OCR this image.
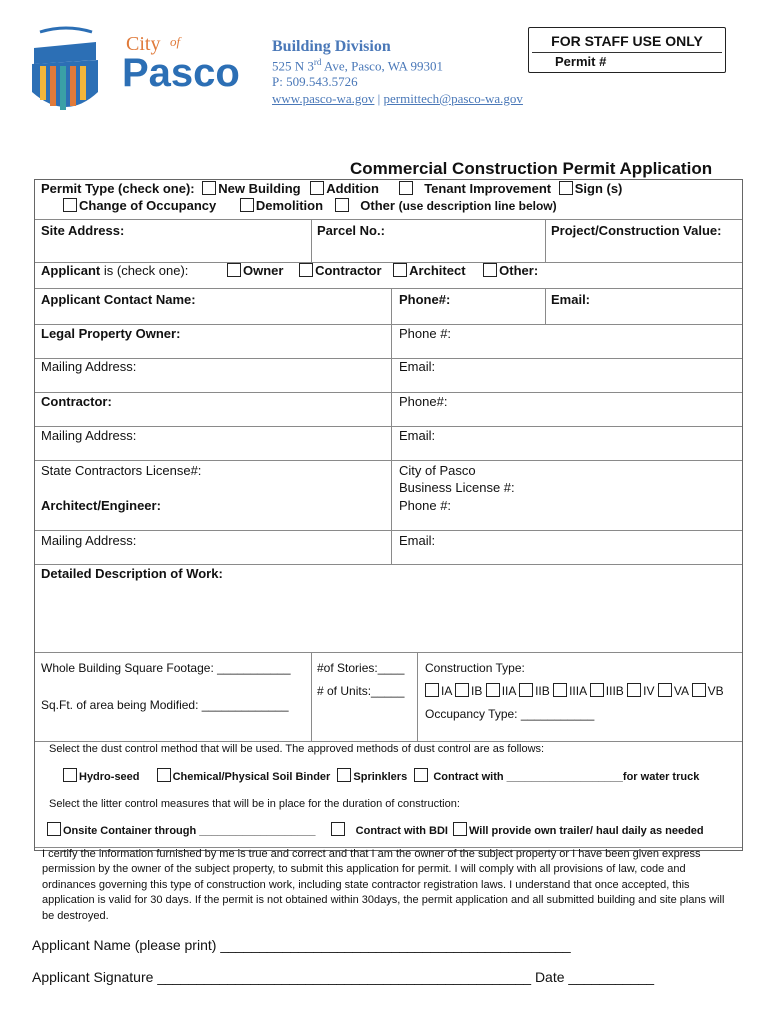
City of
Pasco
Building Division
525 N 3rd Ave, Pasco, WA 99301
P: 509.543.5726
www.pasco-wa.gov | permittech@pasco-wa.gov
FOR STAFF USE ONLY
Permit #
Commercial Construction Permit Application
Permit Type (check one): New Building Addition	Tenant Improvement Sign (s)
Change of Occupancy	Demolition	Other (use description line below)
Site Address:	Parcel No.:	Project/Construction Value:
Applicant is (check one):	Owner Contractor Architect	Other:
Applicant Contact Name:	Phone#:	Email:
Legal Property Owner:	Phone #:
Mailing Address:	Email:
Contractor:	Phone#:
Mailing Address:	Email:
State Contractors License#:	City of Pasco
Business License #:
Architect/Engineer:	Phone #:
Mailing Address:	Email:
Detailed Description of Work:
Whole Building Square Footage: ___________
Sq.Ft. of area being Modified: _____________
#of Stories:____
# of Units:_____
Construction Type:
IA IB IIA IIB IIIA IIIB IV VA VB
Occupancy Type: ___________
Select the dust control method that will be used. The approved methods of dust control are as follows:
Hydro-seed	Chemical/Physical Soil Binder Sprinklers Contract with ___________________for water truck
Select the litter control measures that will be in place for the duration of construction:
Onsite Container through ___________________	Contract with BDI Will provide own trailer/ haul daily as needed
I certify the information furnished by me is true and correct and that I am the owner of the subject property or I have been given express permission by the owner of the subject property, to submit this application for permit. I will comply with all provisions of law, code and ordinances governing this type of construction work, including state contractor registration laws. I understand that once accepted, this application is valid for 30 days. If the permit is not obtained within 30days, the permit application and all submitted building and site plans will be destroyed.
Applicant Name (please print) _____________________________________________
Applicant Signature ________________________________________________ Date ___________
